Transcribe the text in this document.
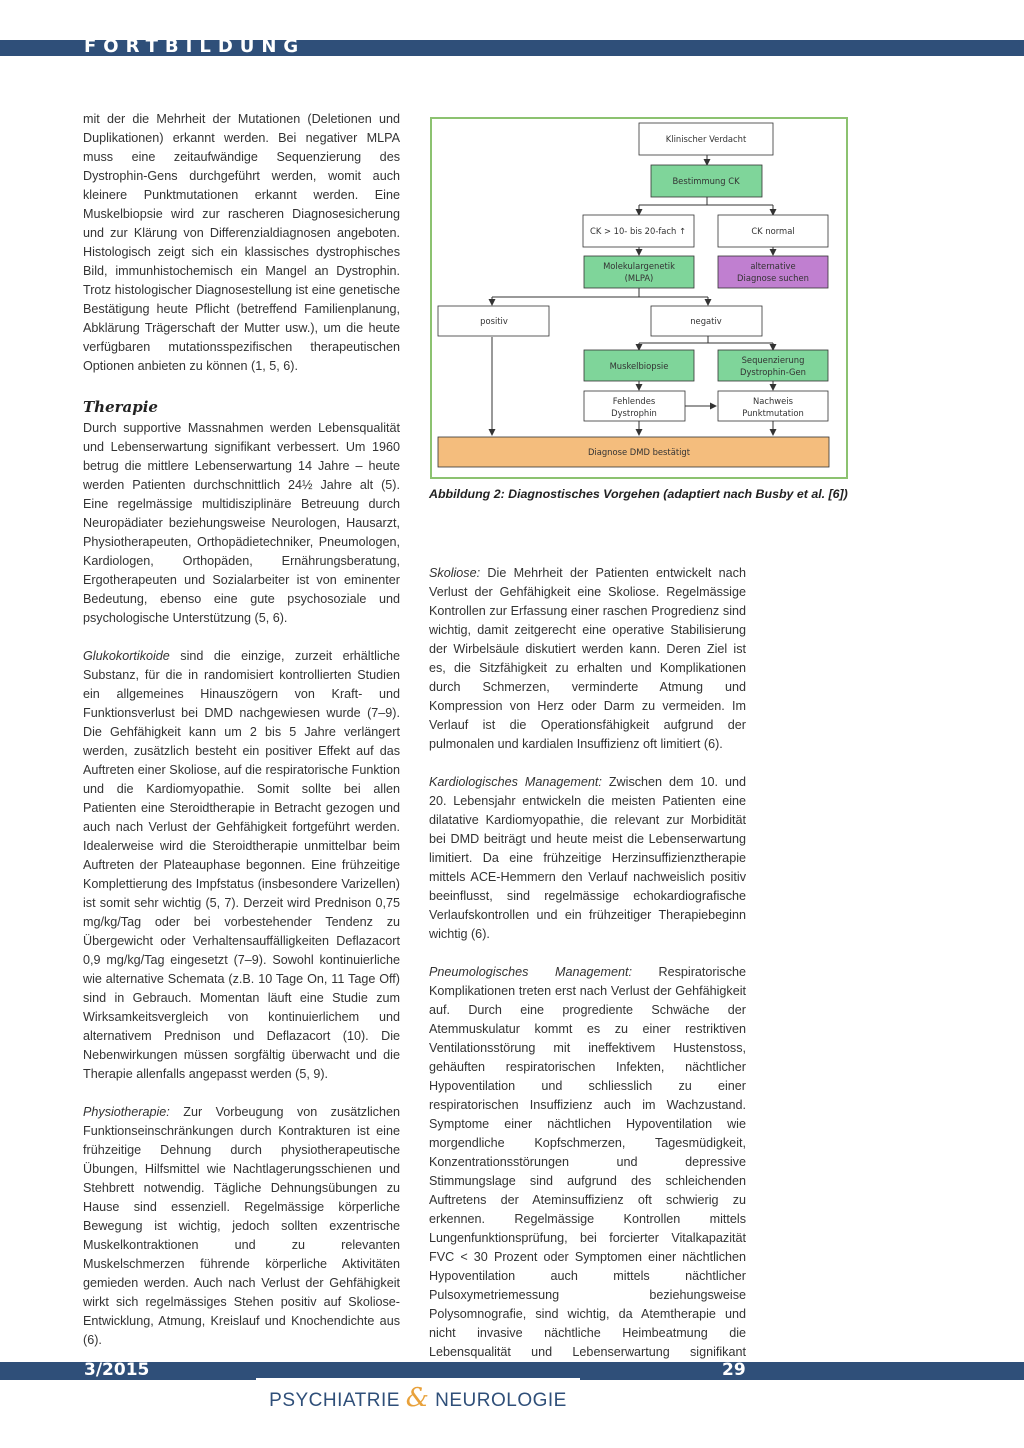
FORTBILDUNG

mit der die Mehrheit der Mutationen (Deletionen und Duplikationen) erkannt werden. Bei negativer MLPA muss eine zeitaufwändige Sequenzierung des Dystrophin-Gens durchgeführt werden, womit auch kleinere Punktmutationen erkannt werden. Eine Muskelbiopsie wird zur rascheren Diagnosesicherung und zur Klärung von Differenzialdiagnosen angeboten. Histologisch zeigt sich ein klassisches dystrophisches Bild, immunhistochemisch ein Mangel an Dystrophin. Trotz histologischer Diagnosestellung ist eine genetische Bestätigung heute Pflicht (betreffend Familienplanung, Abklärung Trägerschaft der Mutter usw.), um die heute verfügbaren mutationsspezifischen therapeutischen Optionen anbieten zu können (1, 5, 6).

Therapie

Durch supportive Massnahmen werden Lebensqualität und Lebenserwartung signifikant verbessert. Um 1960 betrug die mittlere Lebenserwartung 14 Jahre – heute werden Patienten durchschnittlich 24½ Jahre alt (5). Eine regelmässige multidisziplinäre Betreuung durch Neuropädiater beziehungsweise Neurologen, Hausarzt, Physiotherapeuten, Orthopädietechniker, Pneumologen, Kardiologen, Orthopäden, Ernährungsberatung, Ergotherapeuten und Sozialarbeiter ist von eminenter Bedeutung, ebenso eine gute psychosoziale und psychologische Unterstützung (5, 6).

Glukokortikoide sind die einzige, zurzeit erhältliche Substanz, für die in randomisiert kontrollierten Studien ein allgemeines Hinauszögern von Kraft- und Funktionsverlust bei DMD nachgewiesen wurde (7–9). Die Gehfähigkeit kann um 2 bis 5 Jahre verlängert werden, zusätzlich besteht ein positiver Effekt auf das Auftreten einer Skoliose, auf die respiratorische Funktion und die Kardiomyopathie. Somit sollte bei allen Patienten eine Steroidtherapie in Betracht gezogen und auch nach Verlust der Gehfähigkeit fortgeführt werden. Idealerweise wird die Steroidtherapie unmittelbar beim Auftreten der Plateauphase begonnen. Eine frühzeitige Komplettierung des Impfstatus (insbesondere Varizellen) ist somit sehr wichtig (5, 7). Derzeit wird Prednison 0,75 mg/kg/Tag oder bei vorbestehender Tendenz zu Übergewicht oder Verhaltensauffälligkeiten Deflazacort 0,9 mg/kg/Tag eingesetzt (7–9). Sowohl kontinuierliche wie alternative Schemata (z.B. 10 Tage On, 11 Tage Off) sind in Gebrauch. Momentan läuft eine Studie zum Wirksamkeitsvergleich von kontinuierlichem und alternativem Prednison und Deflazacort (10). Die Nebenwirkungen müssen sorgfältig überwacht und die Therapie allenfalls angepasst werden (5, 9).

Physiotherapie: Zur Vorbeugung von zusätzlichen Funktionseinschränkungen durch Kontrakturen ist eine frühzeitige Dehnung durch physiotherapeutische Übungen, Hilfsmittel wie Nachtlagerungsschienen und Stehbrett notwendig. Tägliche Dehnungsübungen zu Hause sind essenziell. Regelmässige körperliche Bewegung ist wichtig, jedoch sollten exzentrische Muskelkontraktionen und zu relevanten Muskelschmerzen führende körperliche Aktivitäten gemieden werden. Auch nach Verlust der Gehfähigkeit wirkt sich regelmässiges Stehen positiv auf Skoliose-Entwicklung, Atmung, Kreislauf und Knochendichte aus (6).

Klinischer Verdacht
Bestimmung CK
CK > 10- bis 20-fach ↑	CK normal
Molekulargenetik
(MLPA)
alternative
Diagnose suchen
positiv	negativ
Muskelbiopsie
Sequenzierung
Dystrophin-Gen
Fehlendes
Dystrophin
Nachweis
Punktmutation
Diagnose DMD bestätigt
Abbildung 2: Diagnostisches Vorgehen (adaptiert nach Busby et al. [6])

Skoliose: Die Mehrheit der Patienten entwickelt nach Verlust der Gehfähigkeit eine Skoliose. Regelmässige Kontrollen zur Erfassung einer raschen Progredienz sind wichtig, damit zeitgerecht eine operative Stabilisierung der Wirbelsäule diskutiert werden kann. Deren Ziel ist es, die Sitzfähigkeit zu erhalten und Komplikationen durch Schmerzen, verminderte Atmung und Kompression von Herz oder Darm zu vermeiden. Im Verlauf ist die Operationsfähigkeit aufgrund der pulmonalen und kardialen Insuffizienz oft limitiert (6).

Kardiologisches Management: Zwischen dem 10. und 20. Lebensjahr entwickeln die meisten Patienten eine dilatative Kardiomyopathie, die relevant zur Morbidität bei DMD beiträgt und heute meist die Lebenserwartung limitiert. Da eine frühzeitige Herzinsuffizienztherapie mittels ACE-Hemmern den Verlauf nachweislich positiv beeinflusst, sind regelmässige echokardiografische Verlaufskontrollen und ein frühzeitiger Therapiebeginn wichtig (6).

Pneumologisches Management: Respiratorische Komplikationen treten erst nach Verlust der Gehfähigkeit auf. Durch eine progrediente Schwäche der Atemmuskulatur kommt es zu einer restriktiven Ventilationsstörung mit ineffektivem Hustenstoss, gehäuften respiratorischen Infekten, nächtlicher Hypoventilation und schliesslich zu einer respiratorischen Insuffizienz auch im Wachzustand. Symptome einer nächtlichen Hypoventilation wie morgendliche Kopfschmerzen, Tagesmüdigkeit, Konzentrationsstörungen und depressive Stimmungslage sind aufgrund des schleichenden Auftretens der Ateminsuffizienz oft schwierig zu erkennen. Regelmässige Kontrollen mittels Lungenfunktionsprüfung, bei forcierter Vitalkapazität FVC < 30 Prozent oder Symptomen einer nächtlichen Hypoventilation auch mittels nächtlicher Pulsoxymetriemessung beziehungsweise Polysomnografie, sind wichtig, da Atemtherapie und nicht invasive nächtliche Heimbeatmung die Lebensqualität und Lebenserwartung signifikant

3/2015	29
PSYCHIATRIE & NEUROLOGIE
